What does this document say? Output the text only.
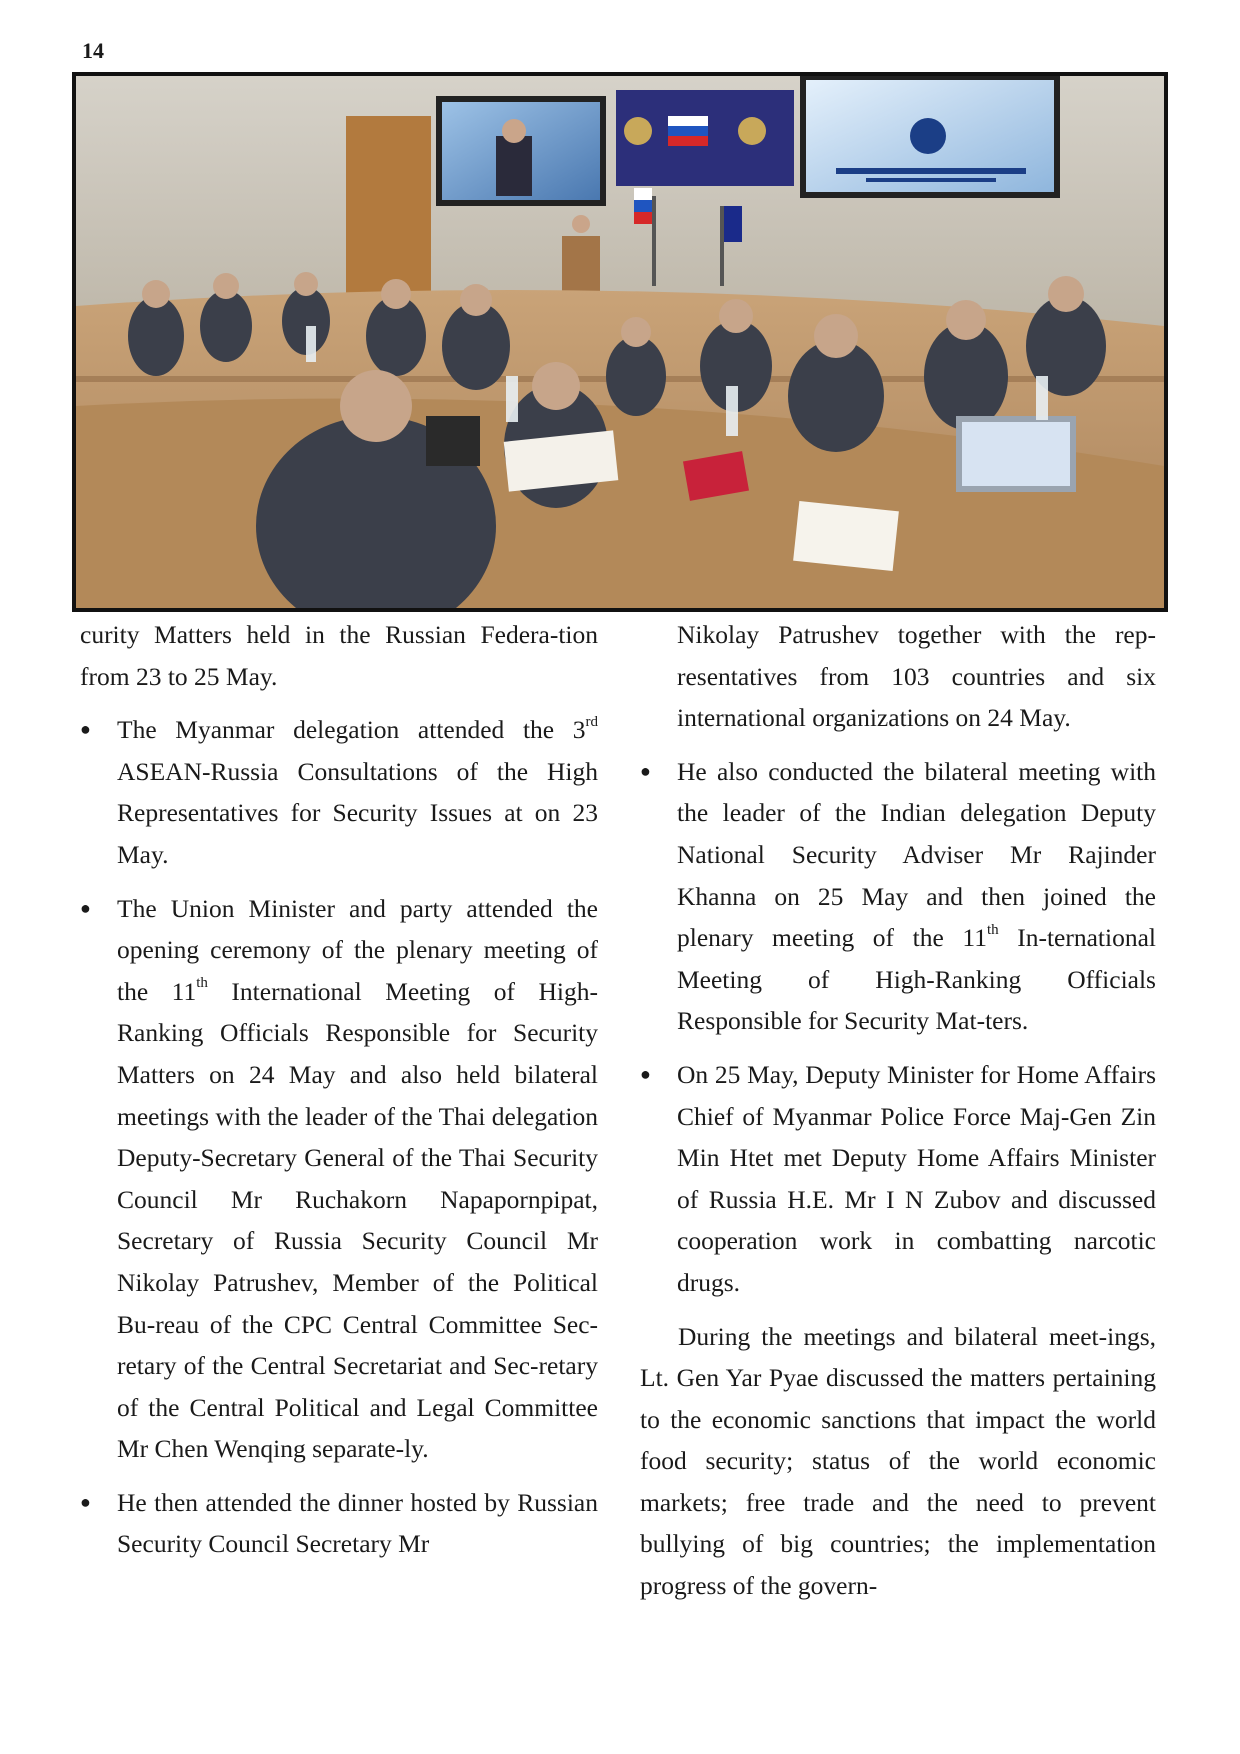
14

curity Matters held in the Russian Federa-tion from 23 to 25 May.

●	The Myanmar delegation attended the 3rd ASEAN-Russia Consultations of the High Representatives for Security Issues at on 23 May.
●	The Union Minister and party attended the opening ceremony of the plenary meeting of the 11th International Meeting of High-Ranking Officials Responsible for Security Matters on 24 May and also held bilateral meetings with the leader of the Thai delegation Deputy-Secretary General of the Thai Security Council Mr Ruchakorn Napapornpipat, Secretary of Russia Security Council Mr Nikolay Patrushev, Member of the Political Bu-reau of the CPC Central Committee Sec-retary of the Central Secretariat and Sec-retary of the Central Political and Legal Committee Mr Chen Wenqing separate-ly.
●	He then attended the dinner hosted by Russian Security Council Secretary Mr

Nikolay Patrushev together with the rep-resentatives from 103 countries and six international organizations on 24 May.

●	He also conducted the bilateral meeting with the leader of the Indian delegation Deputy National Security Adviser Mr Rajinder Khanna on 25 May and then joined the plenary meeting of the 11th In-ternational Meeting of High-Ranking Officials Responsible for Security Mat-ters.
●	On 25 May, Deputy Minister for Home Affairs Chief of Myanmar Police Force Maj-Gen Zin Min Htet met Deputy Home Affairs Minister of Russia H.E. Mr I N Zubov and discussed cooperation work in combatting narcotic drugs.

During the meetings and bilateral meet-ings, Lt. Gen Yar Pyae discussed the matters pertaining to the economic sanctions that impact the world food security; status of the world economic markets; free trade and the need to prevent bullying of big countries; the implementation progress of the govern-
